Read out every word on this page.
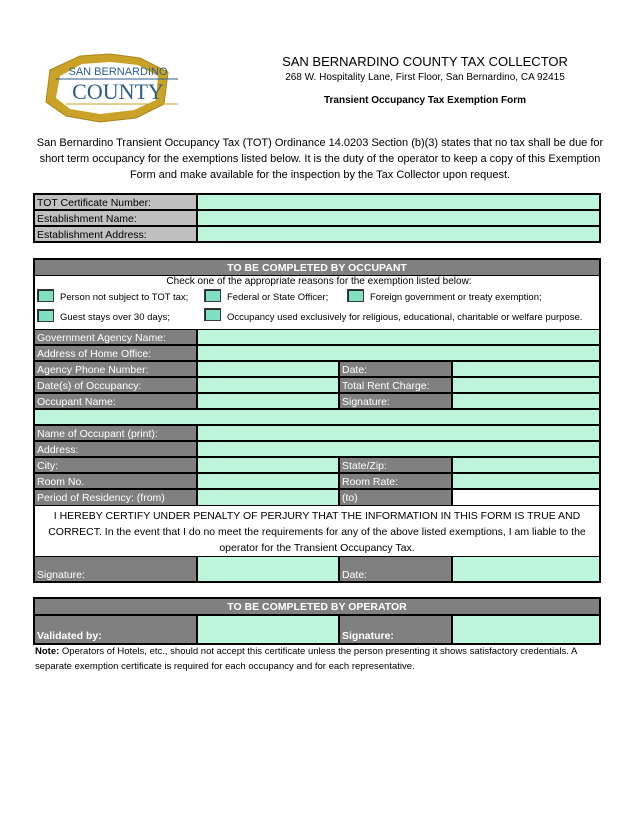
SAN BERNARDINO
COUNTY
SAN BERNARDINO COUNTY TAX COLLECTOR
268 W. Hospitality Lane, First Floor, San Bernardino, CA 92415
Transient Occupancy Tax Exemption Form
San Bernardino Transient Occupancy Tax (TOT) Ordinance 14.0203 Section (b)(3) states that no tax shall be due for short term occupancy for the exemptions listed below. It is the duty of the operator to keep a copy of this Exemption Form and make available for the inspection by the Tax Collector upon request.
TOT Certificate Number:
Establishment Name:
Establishment Address:
TO BE COMPLETED BY OCCUPANT
Check one of the appropriate reasons for the exemption listed below:
Person not subject to TOT tax;	Federal or State Officer;	Foreign government or treaty exemption;
Guest stays over 30 days;	Occupancy used exclusively for religious, educational, charitable or welfare purpose.
Government Agency Name:
Address of Home Office:
Agency Phone Number:	Date:
Date(s) of Occupancy:	Total Rent Charge:
Occupant Name:	Signature:
Name of Occupant (print):
Address:
City:	State/Zip:
Room No.	Room Rate:
Period of Residency: (from)	(to)
I HEREBY CERTIFY UNDER PENALTY OF PERJURY THAT THE INFORMATION IN THIS FORM IS TRUE AND CORRECT. In the event that I do no meet the requirements for any of the above listed exemptions, I am liable to the operator for the Transient Occupancy Tax.
Signature:	Date:
TO BE COMPLETED BY OPERATOR
Validated by:	Signature:
Note: Operators of Hotels, etc., should not accept this certificate unless the person presenting it shows satisfactory credentials. A separate exemption certificate is required for each occupancy and for each representative.
